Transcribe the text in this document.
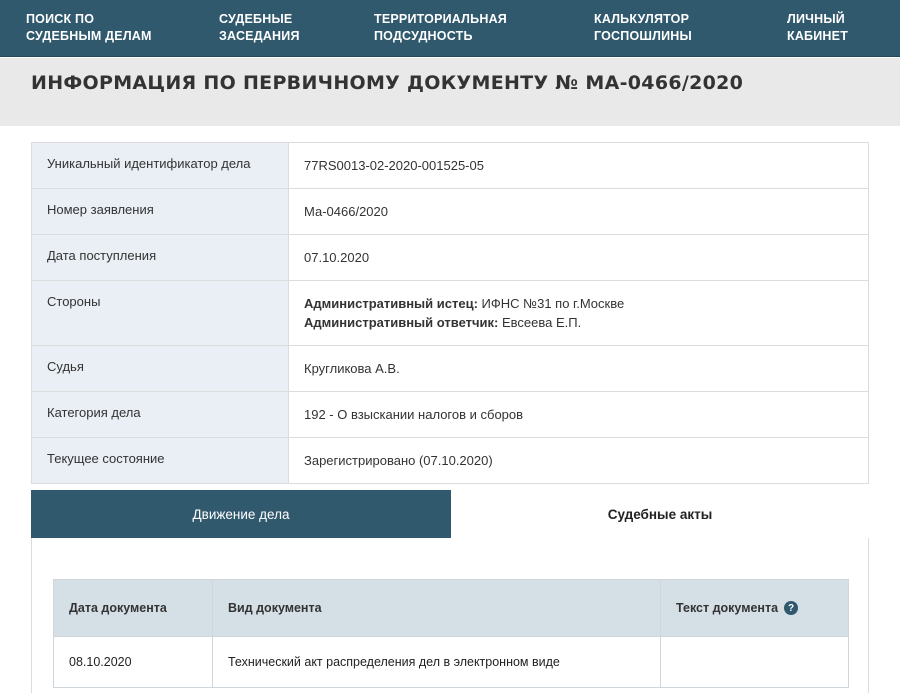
ПОИСК ПО
СУДЕБНЫМ ДЕЛАМ
СУДЕБНЫЕ
ЗАСЕДАНИЯ
ТЕРРИТОРИАЛЬНАЯ
ПОДСУДНОСТЬ
КАЛЬКУЛЯТОР
ГОСПОШЛИНЫ
ЛИЧНЫЙ
КАБИНЕТ
ИНФОРМАЦИЯ ПО ПЕРВИЧНОМУ ДОКУМЕНТУ № МА-0466/2020
Уникальный идентификатор дела	77RS0013-02-2020-001525-05
Номер заявления	Ма-0466/2020
Дата поступления	07.10.2020
Стороны	Административный истец: ИФНС №31 по г.Москве
Административный ответчик: Евсеева Е.П.
Судья	Кругликова А.В.
Категория дела	192 - О взыскании налогов и сборов
Текущее состояние	Зарегистрировано (07.10.2020)
Движение дела	Судебные акты
Дата документа	Вид документа	Текст документа ?
08.10.2020	Технический акт распределения дел в электронном виде
